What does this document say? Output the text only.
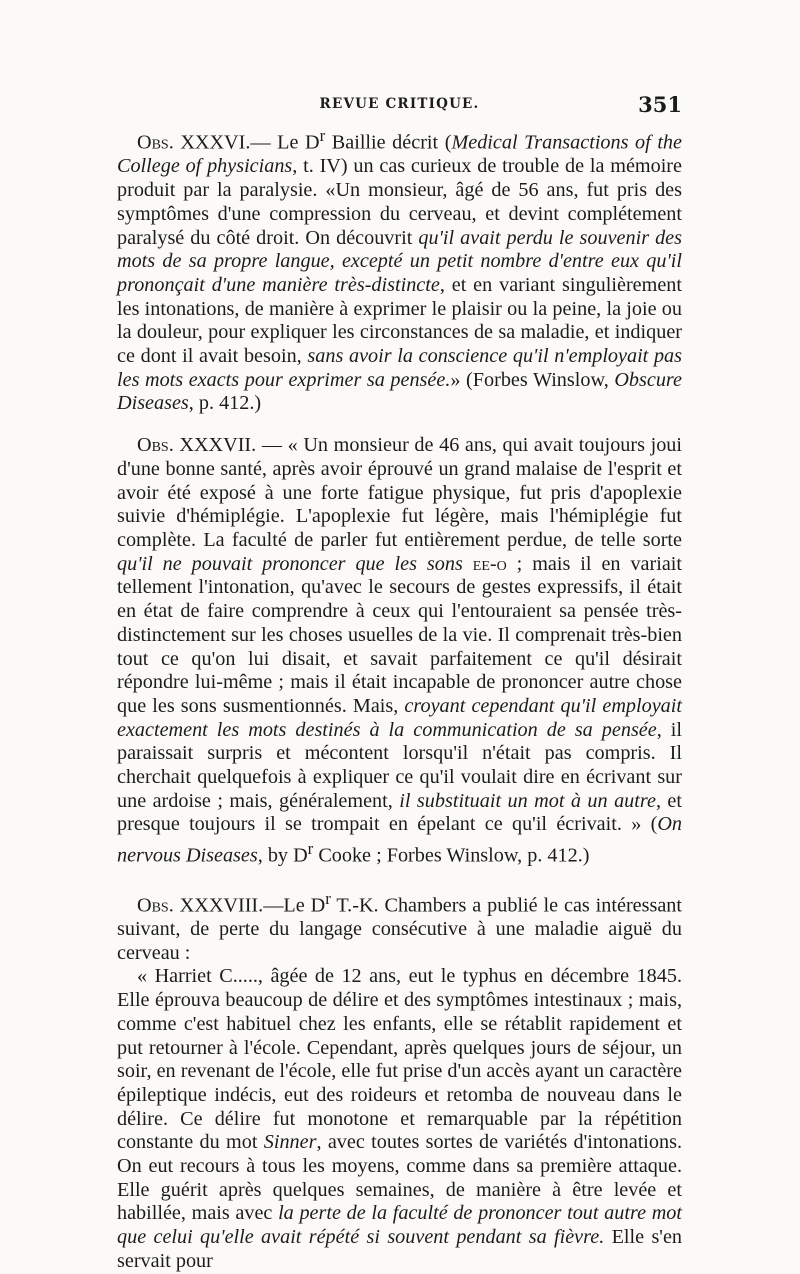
REVUE CRITIQUE.	351

Obs. XXXVI.— Le $D^r$ Baillie décrit (Medical Transactions of the College of physicians, t. IV) un cas curieux de trouble de la mémoire produit par la paralysie. «Un monsieur, âgé de 56 ans, fut pris des symptômes d'une compression du cerveau, et devint complétement paralysé du côté droit. On découvrit qu'il avait perdu le souvenir des mots de sa propre langue, excepté un petit nombre d'entre eux qu'il prononçait d'une manière très-distincte, et en variant singulièrement les intonations, de manière à exprimer le plaisir ou la peine, la joie ou la douleur, pour expliquer les circonstances de sa maladie, et indiquer ce dont il avait besoin, sans avoir la conscience qu'il n'employait pas les mots exacts pour exprimer sa pensée.» (Forbes Winslow, Obscure Diseases, p. 412.)

Obs. XXXVII. — « Un monsieur de 46 ans, qui avait toujours joui d'une bonne santé, après avoir éprouvé un grand malaise de l'esprit et avoir été exposé à une forte fatigue physique, fut pris d'apoplexie suivie d'hémiplégie. L'apoplexie fut légère, mais l'hémiplégie fut complète. La faculté de parler fut entièrement perdue, de telle sorte qu'il ne pouvait prononcer que les sons ee-o ; mais il en variait tellement l'intonation, qu'avec le secours de gestes expressifs, il était en état de faire comprendre à ceux qui l'entouraient sa pensée très-distinctement sur les choses usuelles de la vie. Il comprenait très-bien tout ce qu'on lui disait, et savait parfaitement ce qu'il désirait répondre lui-même ; mais il était incapable de prononcer autre chose que les sons susmentionnés. Mais, croyant cependant qu'il employait exactement les mots destinés à la communication de sa pensée, il paraissait surpris et mécontent lorsqu'il n'était pas compris. Il cherchait quelquefois à expliquer ce qu'il voulait dire en écrivant sur une ardoise ; mais, généralement, il substituait un mot à un autre, et presque toujours il se trompait en épelant ce qu'il écrivait. » (On nervous Diseases, by $D^r$ Cooke ; Forbes Winslow, p. 412.)

Obs. XXXVIII.—Le $D^r$ T.-K. Chambers a publié le cas intéressant suivant, de perte du langage consécutive à une maladie aiguë du cerveau :

« Harriet C....., âgée de 12 ans, eut le typhus en décembre 1845. Elle éprouva beaucoup de délire et des symptômes intestinaux ; mais, comme c'est habituel chez les enfants, elle se rétablit rapidement et put retourner à l'école. Cependant, après quelques jours de séjour, un soir, en revenant de l'école, elle fut prise d'un accès ayant un caractère épileptique indécis, eut des roideurs et retomba de nouveau dans le délire. Ce délire fut monotone et remarquable par la répétition constante du mot Sinner, avec toutes sortes de variétés d'intonations. On eut recours à tous les moyens, comme dans sa première attaque. Elle guérit après quelques semaines, de manière à être levée et habillée, mais avec la perte de la faculté de prononcer tout autre mot que celui qu'elle avait répété si souvent pendant sa fièvre. Elle s'en servait pour
